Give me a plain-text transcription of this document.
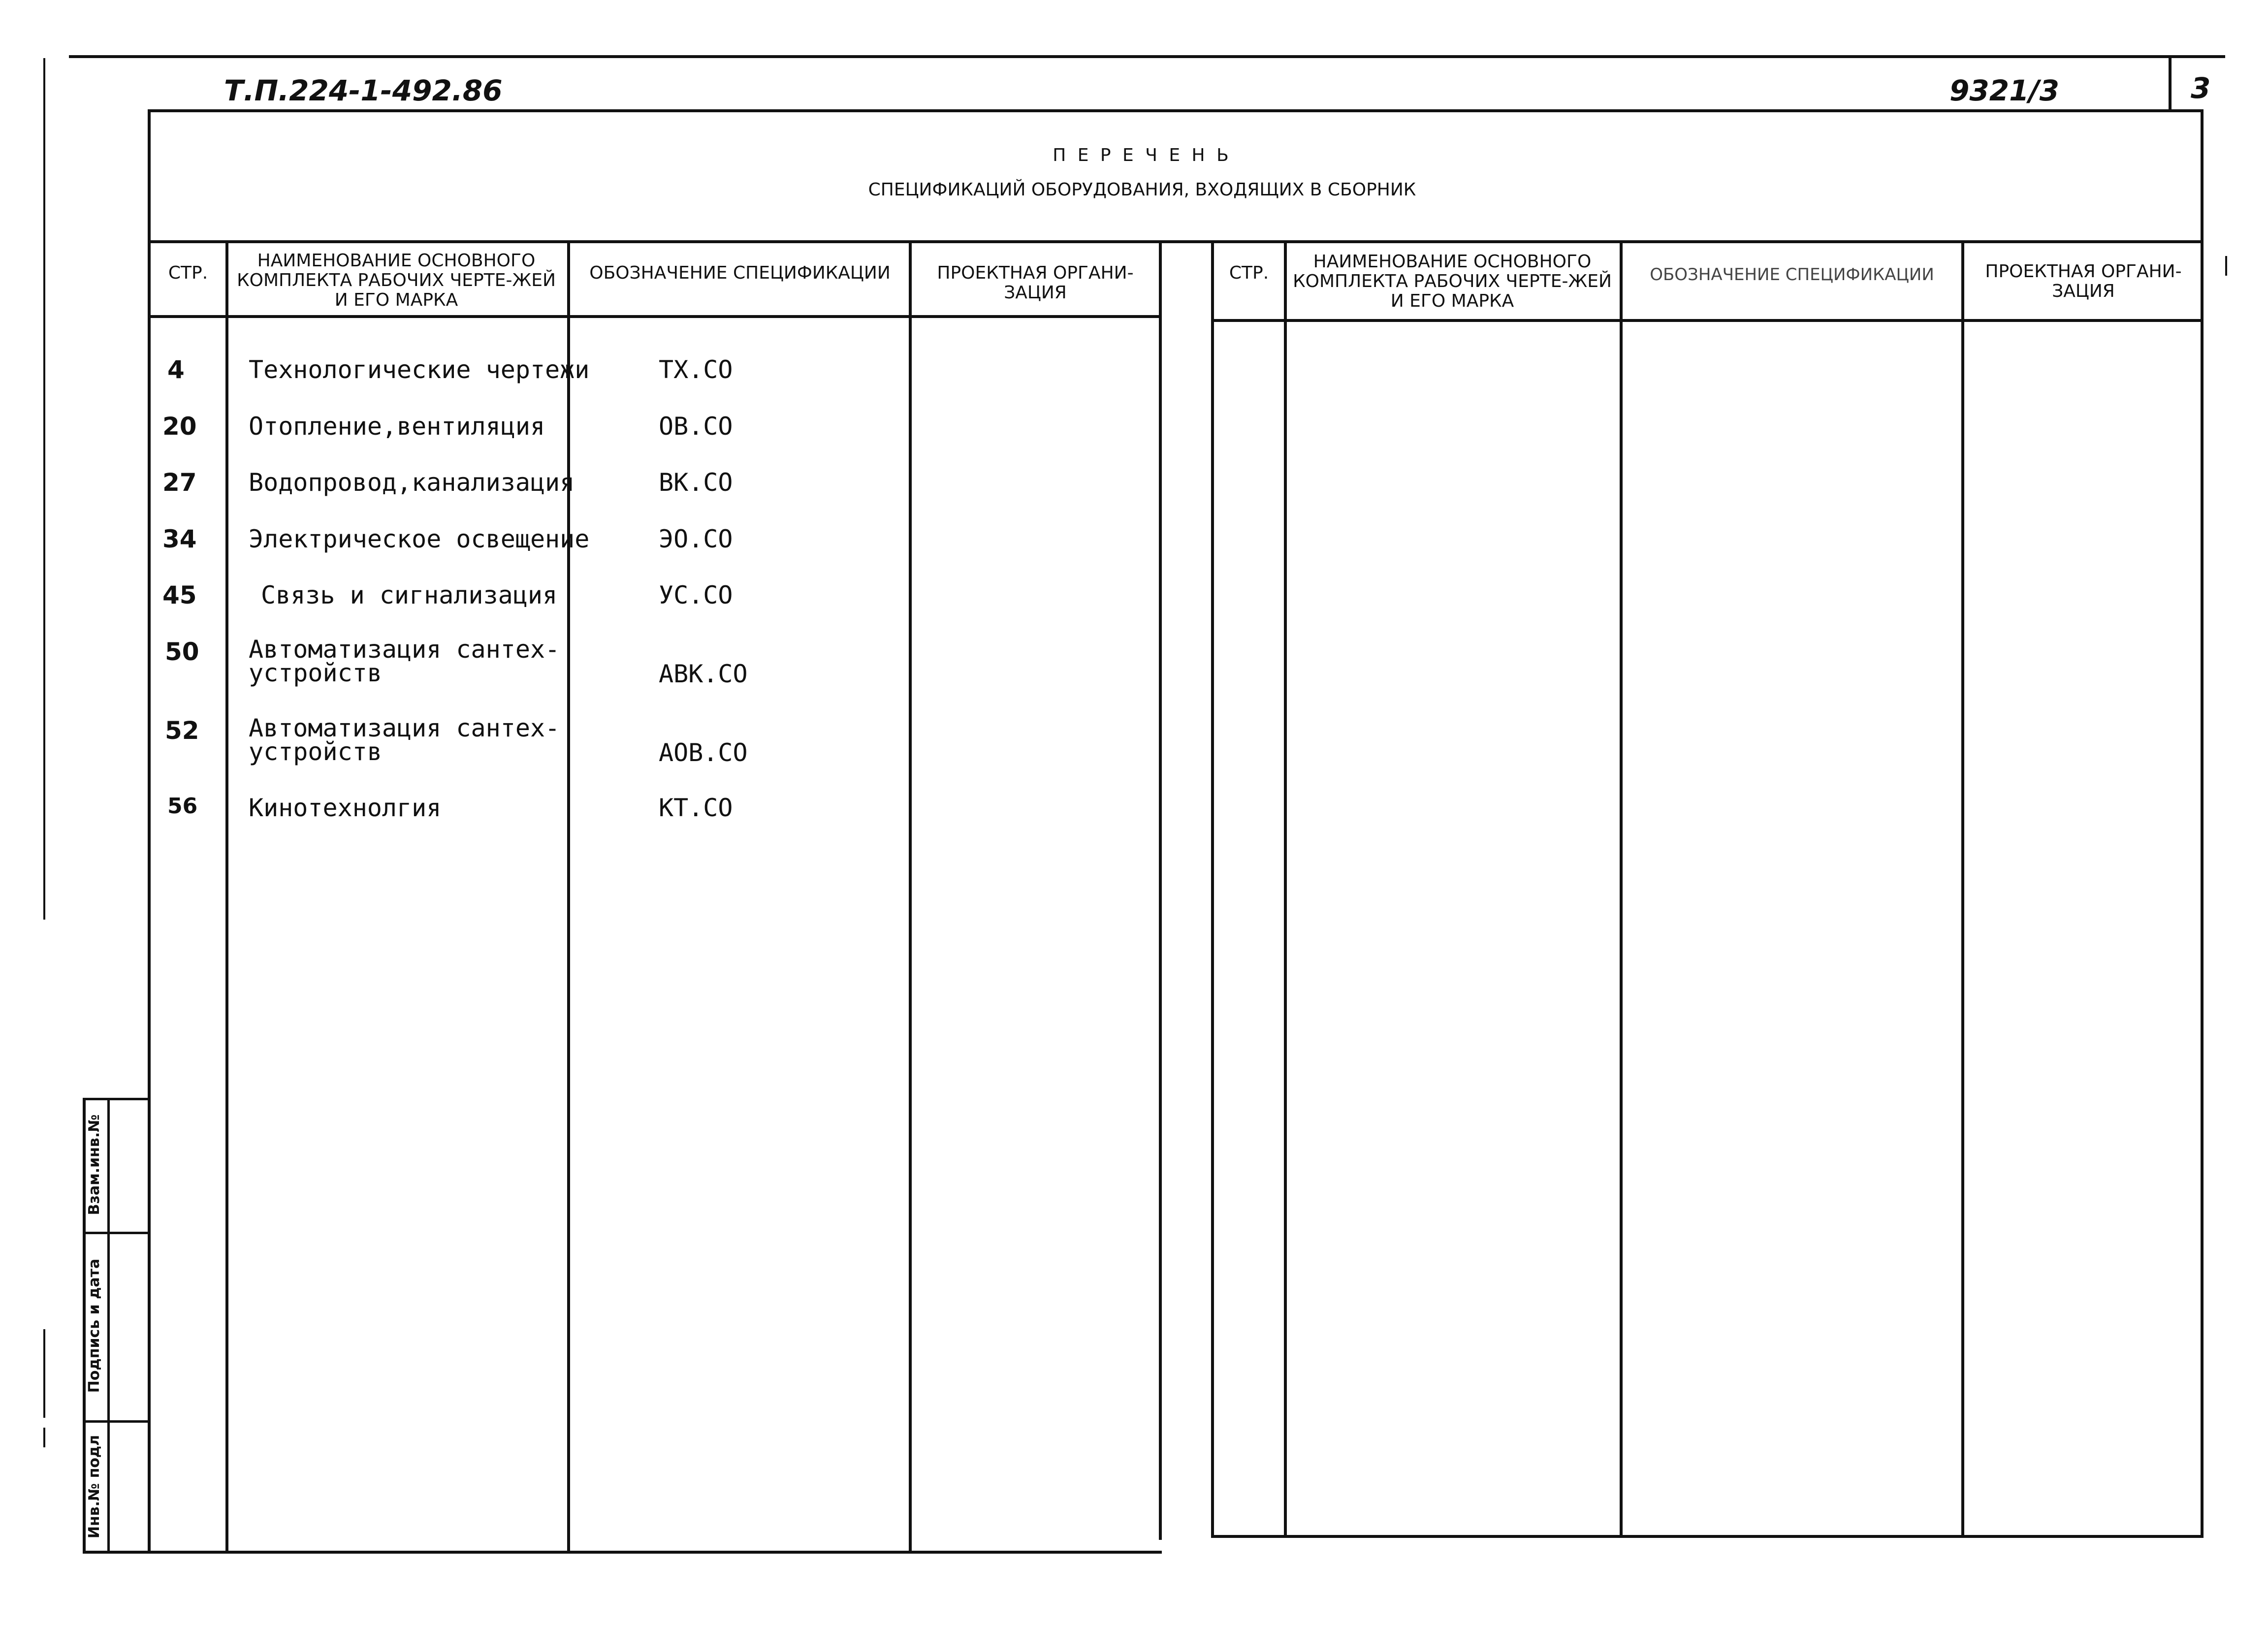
Т.П.224-1-492.86	9321/3	3
П Е Р Е Ч Е Н Ь
СПЕЦИФИКАЦИЙ ОБОРУДОВАНИЯ, ВХОДЯЩИХ В СБОРНИК
СТР.
НАИМЕНОВАНИЕ ОСНОВНОГО КОМПЛЕКТА РАБОЧИХ ЧЕРТЕ-ЖЕЙ И ЕГО МАРКА
ОБОЗНАЧЕНИЕ СПЕЦИФИКАЦИИ	ПРОЕКТНАЯ ОРГАНИ-ЗАЦИЯ
4	Технологические чертежи	ТХ.СО
20 Отопление,вентиляция	ОВ.СО
27 Водопровод,канализация	ВК.СО
34 Электрическое освещение	ЭО.СО
45	Связь и сигнализация	УС.СО
50 Автоматизация сантех-
устройств	АВК.СО
52 Автоматизация сантех-
устройств	АОВ.СО
56 Кинотехнолгия	КТ.СО
СТР.
НАИМЕНОВАНИЕ ОСНОВНОГО КОМПЛЕКТА РАБОЧИХ ЧЕРТЕ-ЖЕЙ И ЕГО МАРКА
ОБОЗНАЧЕНИЕ СПЕЦИФИКАЦИИ	ПРОЕКТНАЯ ОРГАНИ-ЗАЦИЯ
Взам.инв.№
Подпись и дата
Инв.№ подл
